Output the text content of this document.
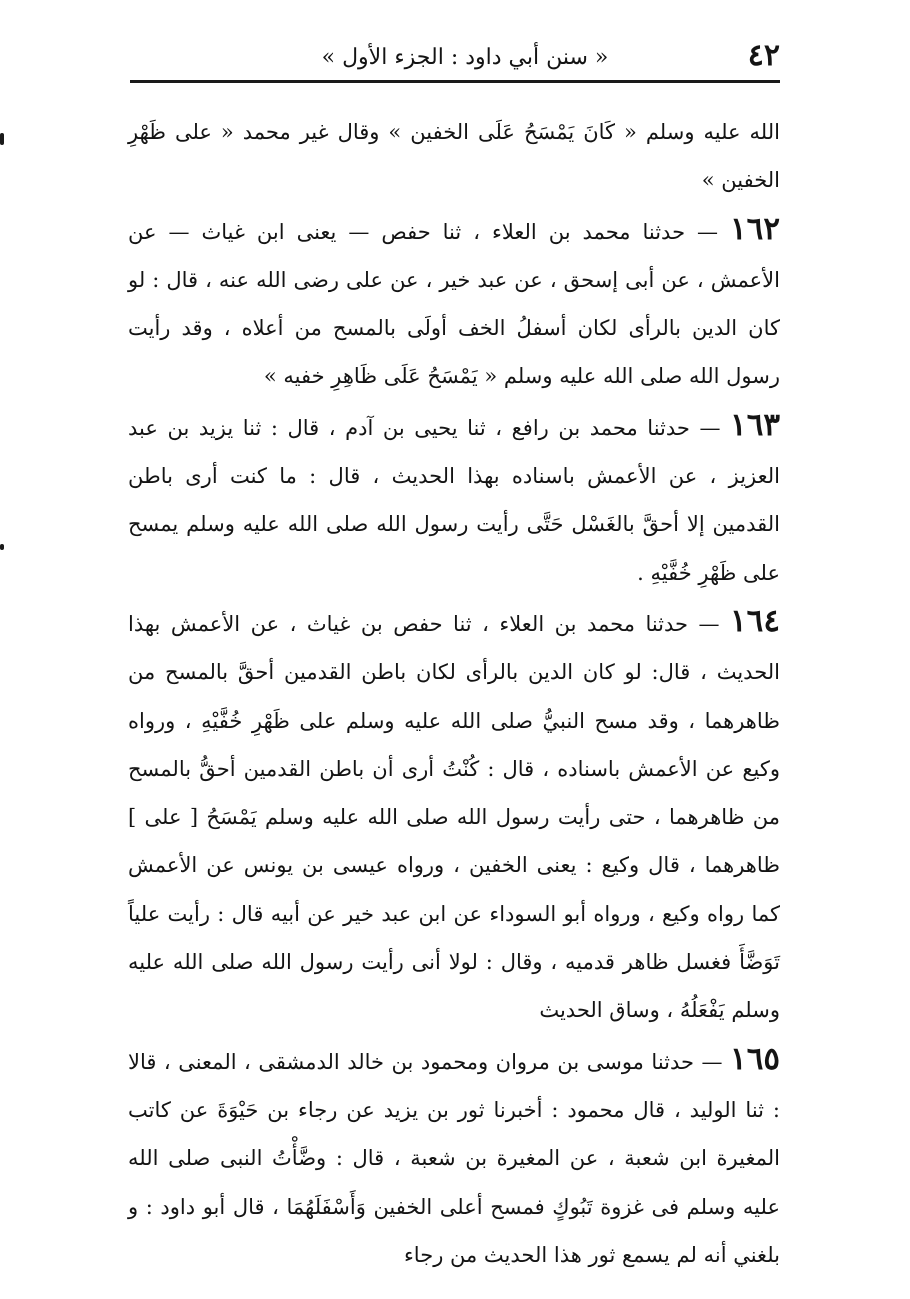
٤٢
« سنن أبي داود : الجزء الأول »

الله عليه وسلم « كَانَ يَمْسَحُ عَلَى الخفين » وقال غير محمد « على ظَهْرِ الخفين »

١٦٢ — حدثنا محمد بن العلاء ، ثنا حفص — يعنى ابن غياث — عن الأعمش ، عن أبى إسحق ، عن عبد خير ، عن على رضى الله عنه ، قال : لو كان الدين بالرأى لكان أسفلُ الخف أولَى بالمسح من أعلاه ، وقد رأيت رسول الله صلى الله عليه وسلم « يَمْسَحُ عَلَى ظَاهِرِ خفيه »

١٦٣ — حدثنا محمد بن رافع ، ثنا يحيى بن آدم ، قال : ثنا يزيد بن عبد العزيز ، عن الأعمش باسناده بهذا الحديث ، قال : ما كنت أرى باطن القدمين إلا أحقَّ بالغَسْل حَتَّى رأيت رسول الله صلى الله عليه وسلم يمسح على ظَهْرِ خُفَّيْهِ .

١٦٤ — حدثنا محمد بن العلاء ، ثنا حفص بن غياث ، عن الأعمش بهذا الحديث ، قال: لو كان الدين بالرأى لكان باطن القدمين أحقَّ بالمسح من ظاهرهما ، وقد مسح النبيُّ صلى الله عليه وسلم على ظَهْرِ خُفَّيْهِ ، ورواه وكيع عن الأعمش باسناده ، قال : كُنْتُ أرى أن باطن القدمين أحقُّ بالمسح من ظاهرهما ، حتى رأيت رسول الله صلى الله عليه وسلم يَمْسَحُ [ على ] ظاهرهما ، قال وكيع : يعنى الخفين ، ورواه عيسى بن يونس عن الأعمش كما رواه وكيع ، ورواه أبو السوداء عن ابن عبد خير عن أبيه قال : رأيت علياً تَوَضَّأَ فغسل ظاهر قدميه ، وقال : لولا أنى رأيت رسول الله صلى الله عليه وسلم يَفْعَلُهُ ، وساق الحديث

١٦٥ — حدثنا موسى بن مروان ومحمود بن خالد الدمشقى ، المعنى ، قالا : ثنا الوليد ، قال محمود : أخبرنا ثور بن يزيد عن رجاء بن حَيْوَةَ عن كاتب المغيرة ابن شعبة ، عن المغيرة بن شعبة ، قال : وضَّأْتُ النبى صلى الله عليه وسلم فى غزوة تَبُوكٍ فمسح أعلى الخفين وَأَسْفَلَهُمَا ، قال أبو داود : و بلغني أنه لم يسمع ثور هذا الحديث من رجاء
